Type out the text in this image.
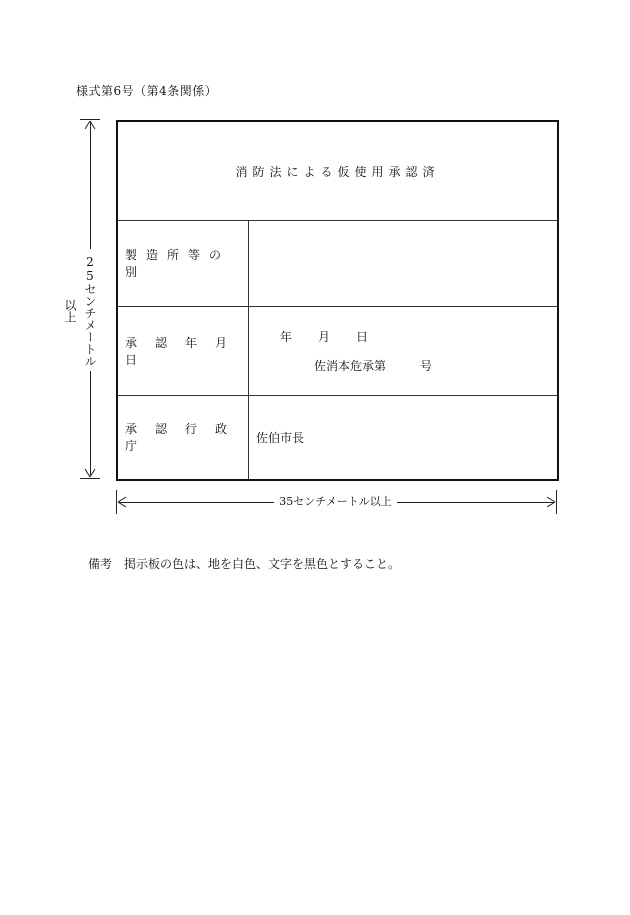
様式第6号（第4条関係）
25センチメートル以上
消防法による仮使用承認済
製造所等の別
承認年月日
年 月 日
佐消本危承第	号
承認行政庁
佐伯市長
35センチメートル以上
備考 掲示板の色は、地を白色、文字を黒色とすること。
